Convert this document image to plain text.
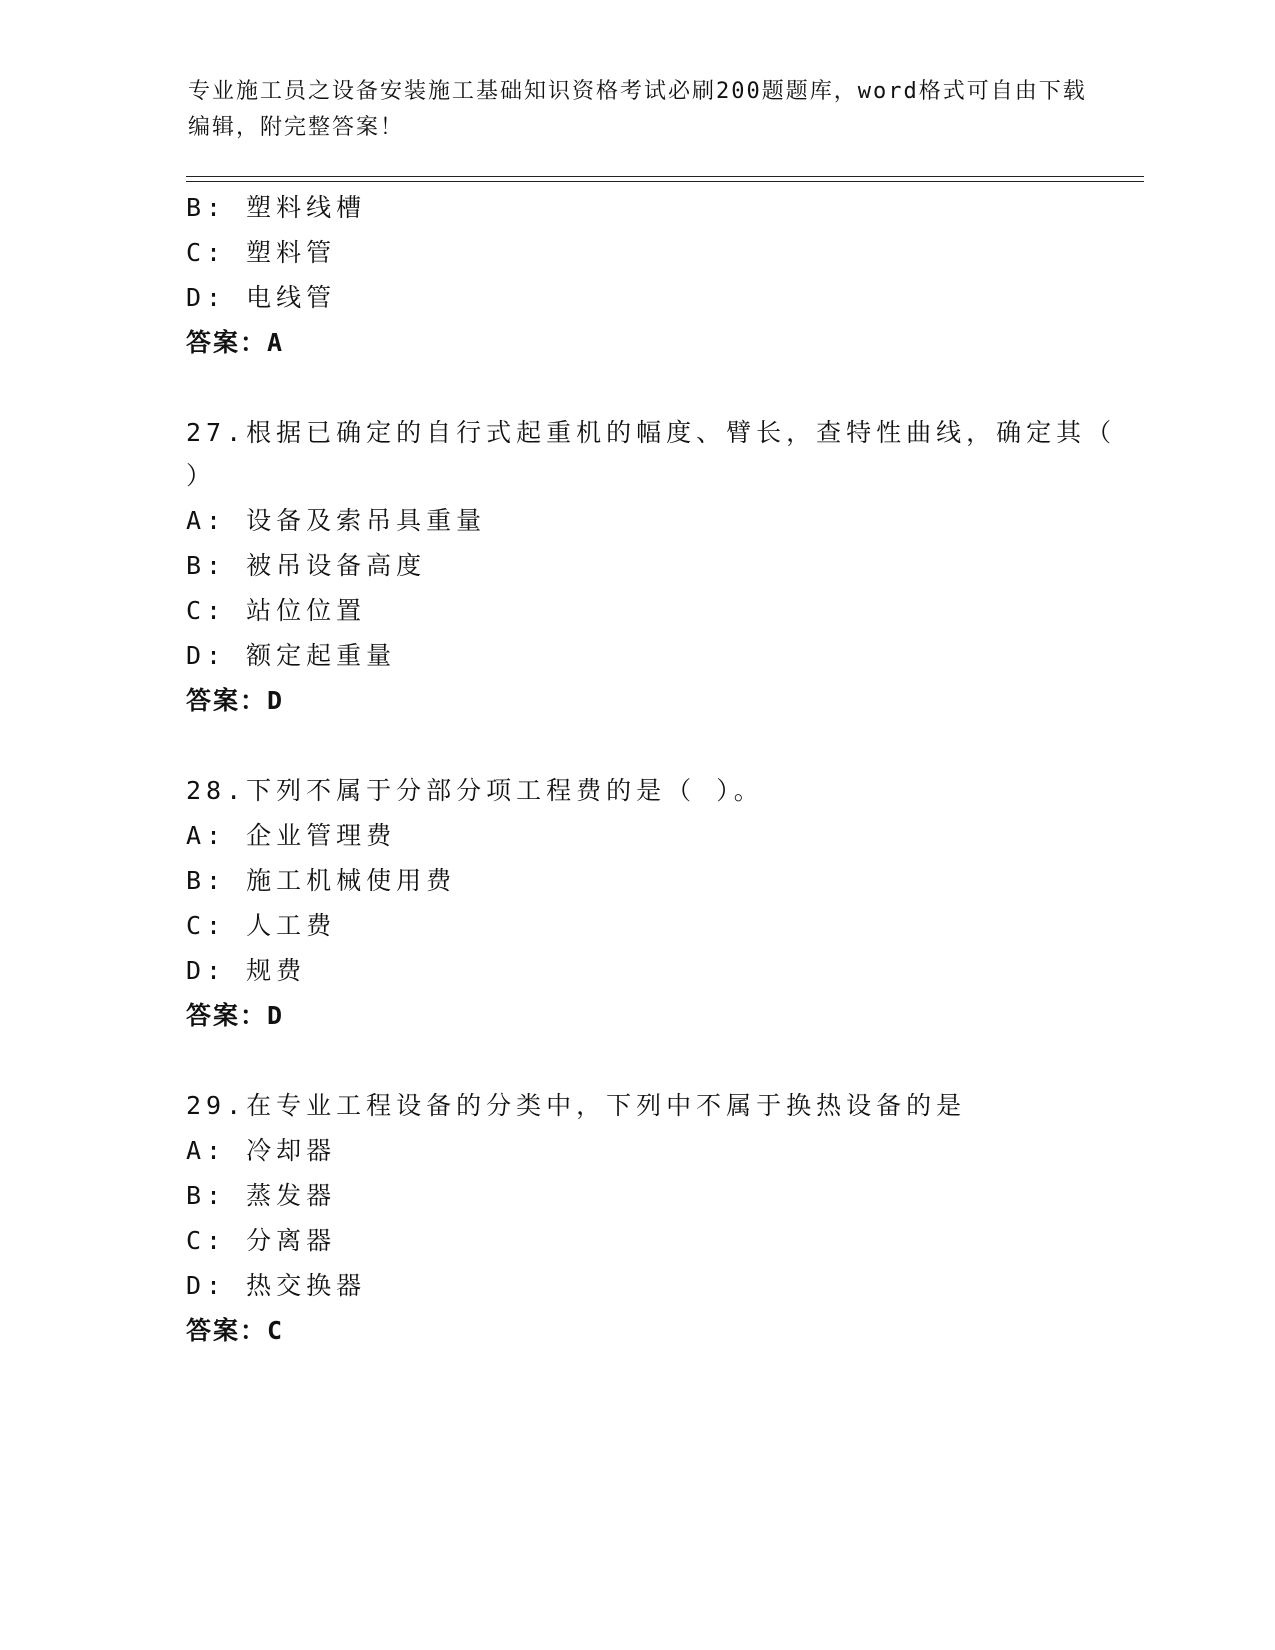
专业施工员之设备安装施工基础知识资格考试必刷200题题库，word格式可自由下载编辑，附完整答案！

B: 塑料线槽

C: 塑料管

D: 电线管

答案：A

27.根据已确定的自行式起重机的幅度、臂长，查特性曲线，确定其（

）

A: 设备及索吊具重量

B: 被吊设备高度

C: 站位位置

D: 额定起重量

答案：D

28.下列不属于分部分项工程费的是（ ）。

A: 企业管理费

B: 施工机械使用费

C: 人工费

D: 规费

答案：D

29.在专业工程设备的分类中，下列中不属于换热设备的是

A: 冷却器

B: 蒸发器

C: 分离器

D: 热交换器

答案：C
